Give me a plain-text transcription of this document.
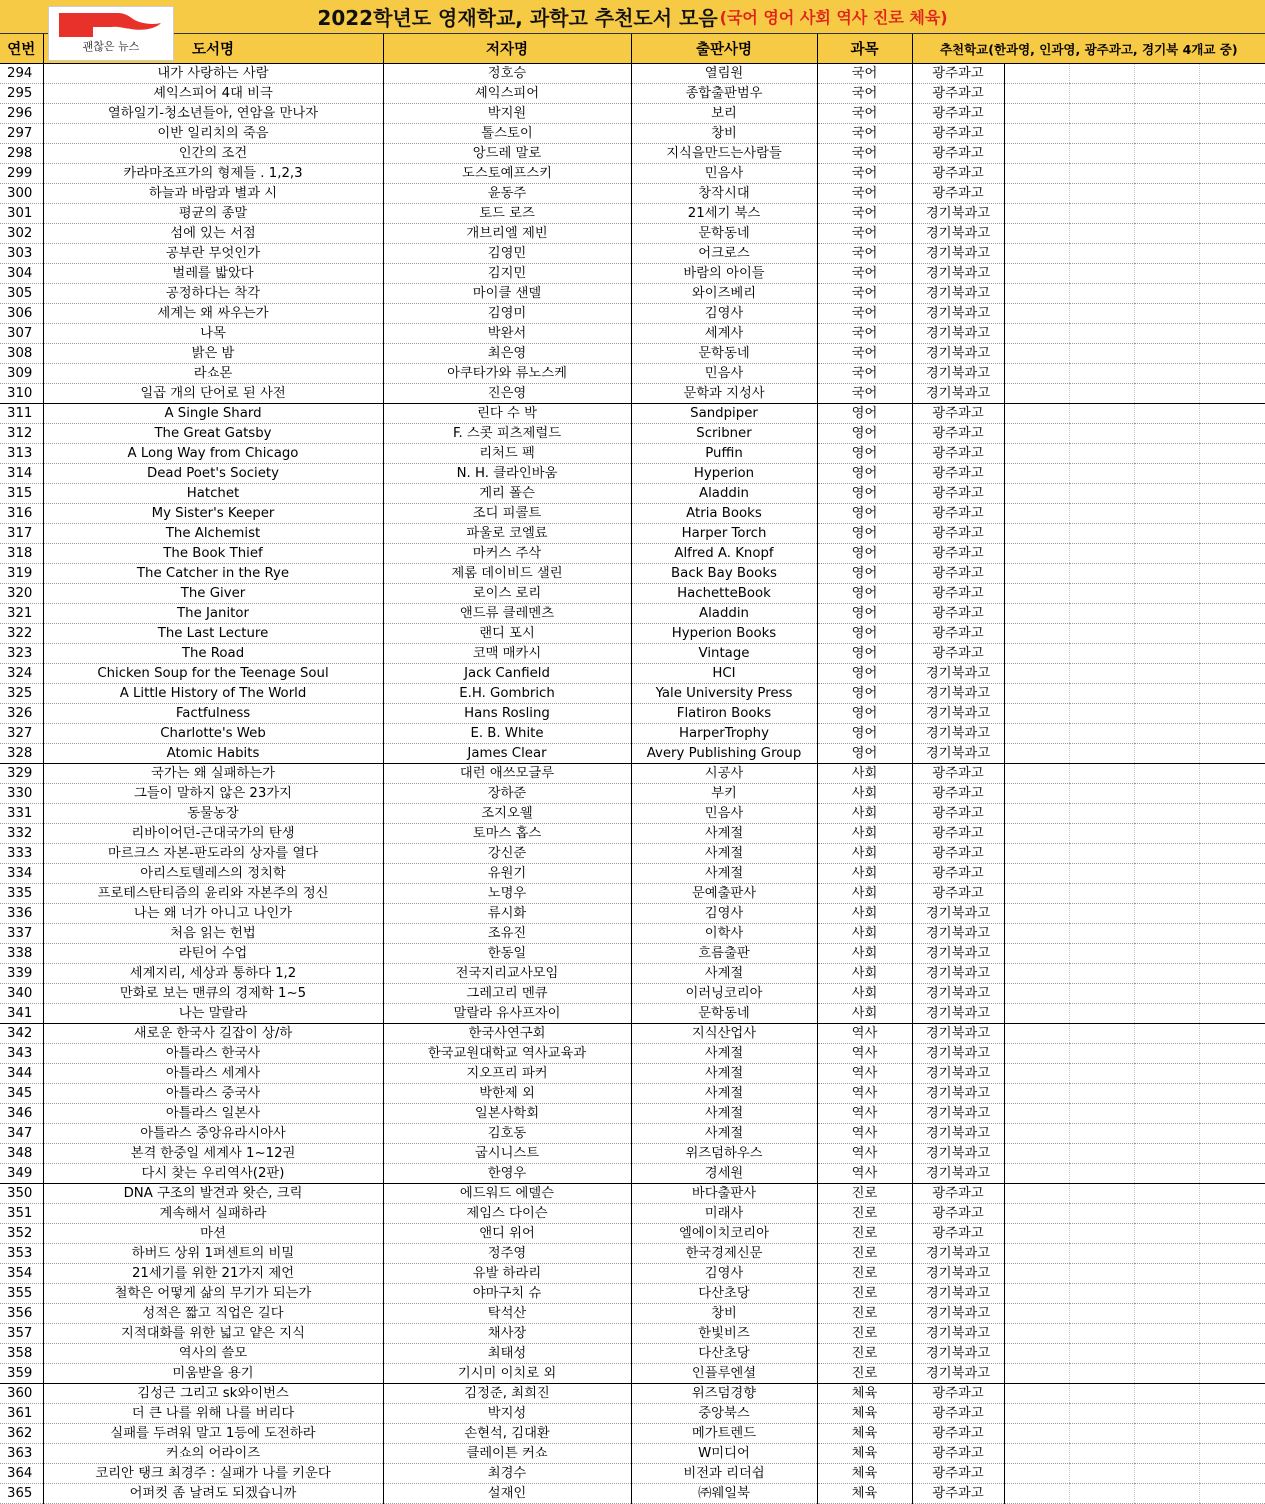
2022학년도 영재학교, 과학고 추천도서 모음 (국어 영어 사회 역사 진로 체육)
괜찮은 뉴스
연번	도서명	저자명	출판사명	과목	추천학교(한과영, 인과영, 광주과고, 경기북 4개교 중)				
294	내가 사랑하는 사람	정호승	열림원	국어	광주과고				
295	셰익스피어 4대 비극	셰익스피어	종합출판범우	국어	광주과고				
296	열하일기-청소년들아, 연암을 만나자	박지원	보리	국어	광주과고				
297	이반 일리치의 죽음	톨스토이	창비	국어	광주과고				
298	인간의 조건	앙드레 말로	지식을만드는사람들	국어	광주과고				
299	카라마조프가의 형제들 . 1,2,3	도스토예프스키	민음사	국어	광주과고				
300	하늘과 바람과 별과 시	윤동주	창작시대	국어	광주과고				
301	평균의 종말	토드 로즈	21세기 북스	국어	경기북과고				
302	섬에 있는 서점	개브리엘 제빈	문학동네	국어	경기북과고				
303	공부란 무엇인가	김영민	어크로스	국어	경기북과고				
304	벌레를 밟았다	김지민	바람의 아이들	국어	경기북과고				
305	공정하다는 착각	마이클 샌델	와이즈베리	국어	경기북과고				
306	세계는 왜 싸우는가	김영미	김영사	국어	경기북과고				
307	나목	박완서	세계사	국어	경기북과고				
308	밝은 밤	최은영	문학동네	국어	경기북과고				
309	라쇼몬	아쿠타가와 류노스케	민음사	국어	경기북과고				
310	일곱 개의 단어로 된 사전	진은영	문학과 지성사	국어	경기북과고				
311	A Single Shard	린다 수 박	Sandpiper	영어	광주과고				
312	The Great Gatsby	F. 스콧 피츠제럴드	Scribner	영어	광주과고				
313	A Long Way from Chicago	리처드 펙	Puffin	영어	광주과고				
314	Dead Poet's Society	N. H. 클라인바움	Hyperion	영어	광주과고				
315	Hatchet	게리 폴슨	Aladdin	영어	광주과고				
316	My Sister's Keeper	조디 피콜트	Atria Books	영어	광주과고				
317	The Alchemist	파울로 코엘료	Harper Torch	영어	광주과고				
318	The Book Thief	마커스 주삭	Alfred A. Knopf	영어	광주과고				
319	The Catcher in the Rye	제롬 데이비드 샐린	Back Bay Books	영어	광주과고				
320	The Giver	로이스 로리	HachetteBook	영어	광주과고				
321	The Janitor	앤드류 클레멘츠	Aladdin	영어	광주과고				
322	The Last Lecture	랜디 포시	Hyperion Books	영어	광주과고				
323	The Road	코맥 매카시	Vintage	영어	광주과고				
324	Chicken Soup for the Teenage Soul	Jack Canfield	HCI	영어	경기북과고				
325	A Little History of The World	E.H. Gombrich	Yale University Press	영어	경기북과고				
326	Factfulness	Hans Rosling	Flatiron Books	영어	경기북과고				
327	Charlotte's Web	E. B. White	HarperTrophy	영어	경기북과고				
328	Atomic Habits	James Clear	Avery Publishing Group	영어	경기북과고				
329	국가는 왜 실패하는가	대런 애쓰모글루	시공사	사회	광주과고				
330	그들이 말하지 않은 23가지	장하준	부키	사회	광주과고				
331	동물농장	조지오웰	민음사	사회	광주과고				
332	리바이어던-근대국가의 탄생	토마스 홉스	사계절	사회	광주과고				
333	마르크스 자본-판도라의 상자를 열다	강신준	사계절	사회	광주과고				
334	아리스토텔레스의 정치학	유원기	사계절	사회	광주과고				
335	프로테스탄티즘의 윤리와 자본주의 정신	노명우	문예출판사	사회	광주과고				
336	나는 왜 너가 아니고 나인가	류시화	김영사	사회	경기북과고				
337	처음 읽는 헌법	조유진	이학사	사회	경기북과고				
338	라틴어 수업	한동일	흐름출판	사회	경기북과고				
339	세계지리, 세상과 통하다 1,2	전국지리교사모임	사계절	사회	경기북과고				
340	만화로 보는 맨큐의 경제학 1~5	그레고리 멘큐	이러닝코리아	사회	경기북과고				
341	나는 말랄라	말랄라 유사프자이	문학동네	사회	경기북과고				
342	새로운 한국사 길잡이 상/하	한국사연구회	지식산업사	역사	경기북과고				
343	아틀라스 한국사	한국교원대학교 역사교육과	사계절	역사	경기북과고				
344	아틀라스 세계사	지오프리 파커	사계절	역사	경기북과고				
345	아틀라스 중국사	박한제 외	사계절	역사	경기북과고				
346	아틀라스 일본사	일본사학회	사계절	역사	경기북과고				
347	아틀라스 중앙유라시아사	김호동	사계절	역사	경기북과고				
348	본격 한중일 세계사 1~12권	굽시니스트	위즈덤하우스	역사	경기북과고				
349	다시 찾는 우리역사(2판)	한영우	경세원	역사	경기북과고				
350	DNA 구조의 발견과 왓슨, 크릭	에드워드 에델슨	바다출판사	진로	광주과고				
351	계속해서 실패하라	제임스 다이슨	미래사	진로	광주과고				
352	마션	앤디 위어	엘에이치코리아	진로	광주과고				
353	하버드 상위 1퍼센트의 비밀	정주영	한국경제신문	진로	경기북과고				
354	21세기를 위한 21가지 제언	유발 하라리	김영사	진로	경기북과고				
355	철학은 어떻게 삶의 무기가 되는가	야마구치 슈	다산초당	진로	경기북과고				
356	성적은 짧고 직업은 길다	탁석산	창비	진로	경기북과고				
357	지적대화를 위한 넓고 얕은 지식	채사장	한빛비즈	진로	경기북과고				
358	역사의 쓸모	최태성	다산초당	진로	경기북과고				
359	미움받을 용기	기시미 이치로 외	인플루엔셜	진로	경기북과고				
360	김성근 그리고 sk와이번스	김정준, 최희진	위즈덤경향	체육	광주과고				
361	더 큰 나를 위해 나를 버리다	박지성	중앙북스	체육	광주과고				
362	실패를 두려워 말고 1등에 도전하라	손현석, 김대환	메가트렌드	체육	광주과고				
363	커쇼의 어라이즈	클레이튼 커쇼	W미디어	체육	광주과고				
364	코리안 탱크 최경주 : 실패가 나를 키운다	최경수	비전과 리더쉽	체육	광주과고				
365	어퍼컷 좀 날려도 되겠습니까	설재인	㈜웨일북	체육	광주과고				
